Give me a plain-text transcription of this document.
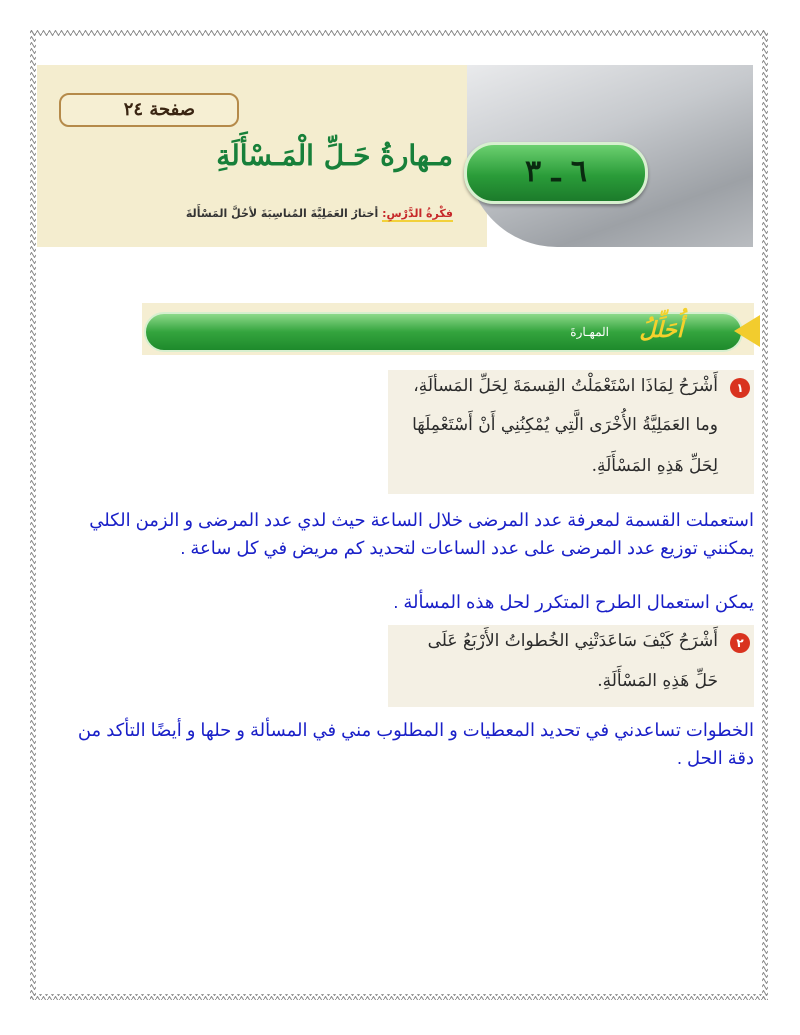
صفحة ٢٤
مـهارةُ حَـلِّ الْمَـسْأَلَةِ
فكْرةُ الدَّرْسِ: أختارُ العَمَلِيَّةَ المُناسِبَةَ لأحُلَّ المَسْأَلةَ
٦ ـ ٣
أُحَلِّلُ
المهـارةَ
١
أَشْرَحُ لِمَاذَا اسْتَعْمَلْتُ القِسمَةَ لِحَلِّ المَسألَةِ،
وما العَمَلِيَّةُ الأُخْرَى الَّتِي يُمْكِنُنِي أَنْ أَسْتَعْمِلَهَا
لِحَلِّ هَذِهِ المَسْأَلَةِ.

استعملت القسمة لمعرفة عدد المرضى خلال الساعة حيث لدي عدد المرضى و الزمن الكلي يمكنني توزيع عدد المرضى على عدد الساعات لتحديد كم مريض في كل ساعة .

يمكن استعمال الطرح المتكرر لحل هذه المسألة .

٢
أَشْرَحُ كَيْفَ سَاعَدَتْنِي الخُطواتُ الأَرْبَعُ عَلَى
حَلِّ هَذِهِ المَسْأَلَةِ.

الخطوات تساعدني في تحديد المعطيات و المطلوب مني في المسألة و حلها و أيضًا التأكد من دقة الحل .
